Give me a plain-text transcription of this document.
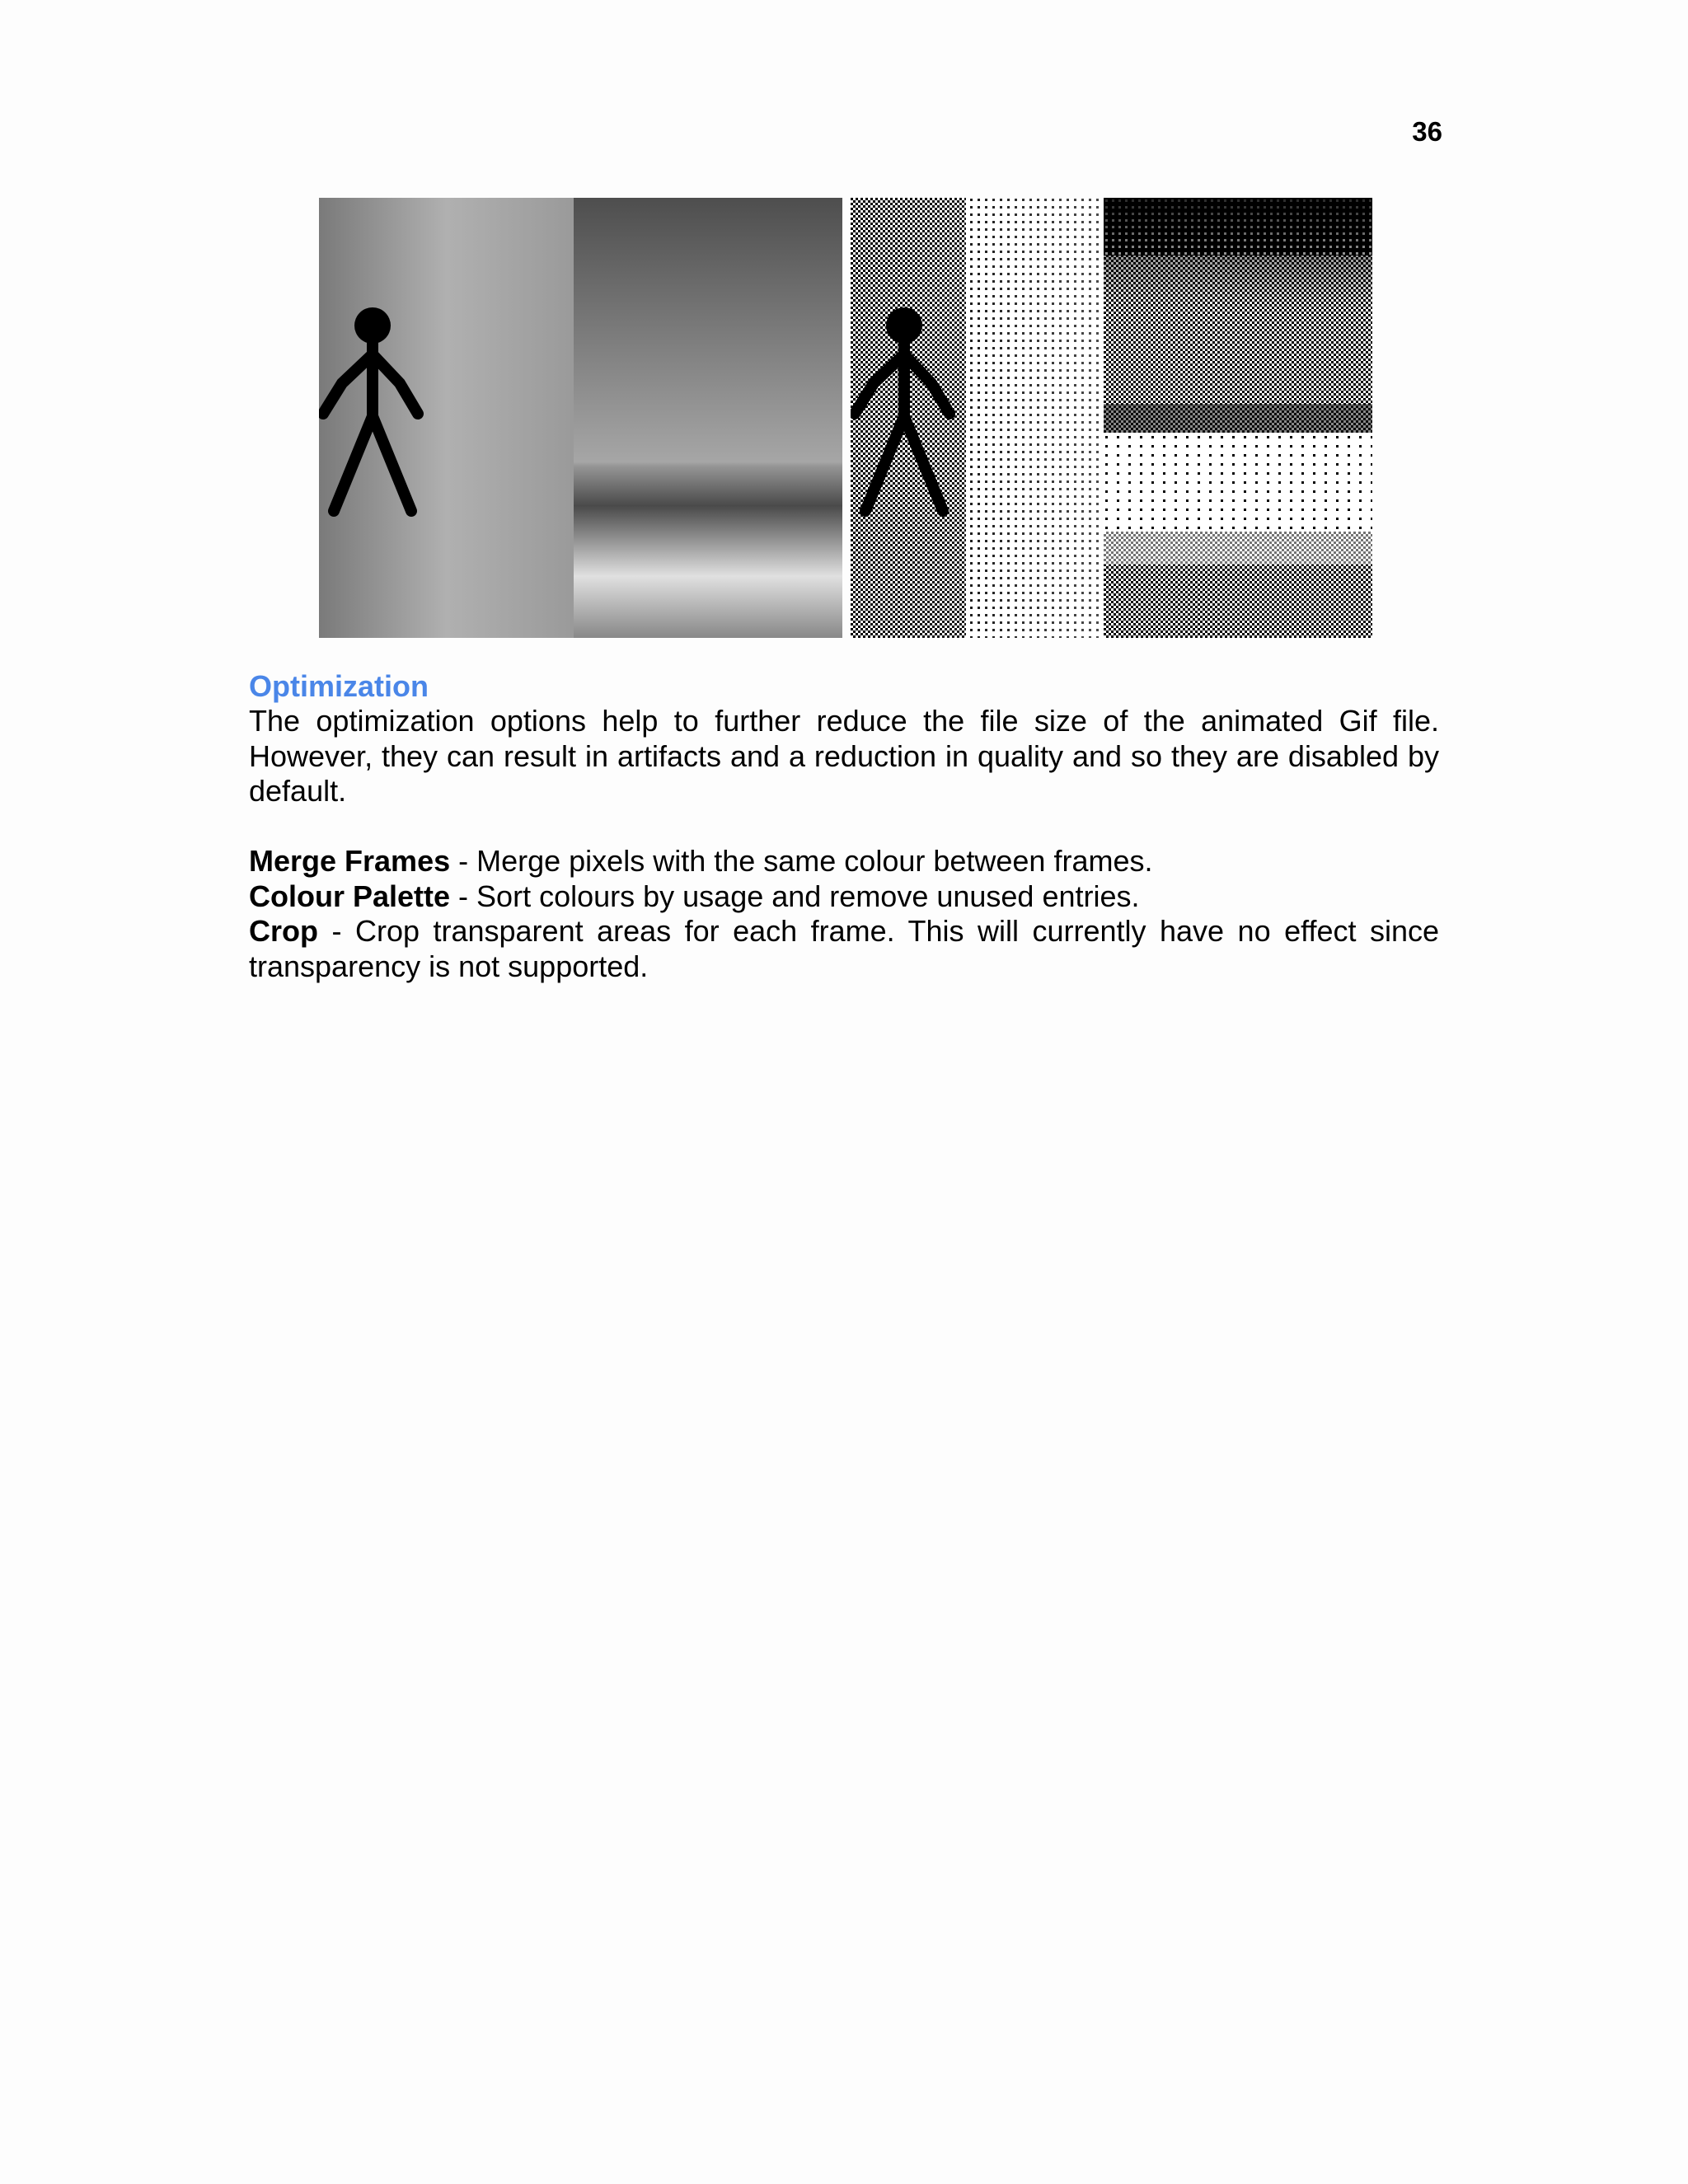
36
Optimization

The optimization options help to further reduce the file size of the animated Gif file. However, they can result in artifacts and a reduction in quality and so they are disabled by default.

Merge Frames - Merge pixels with the same colour between frames.

Colour Palette - Sort colours by usage and remove unused entries.

Crop - Crop transparent areas for each frame. This will currently have no effect since transparency is not supported.
